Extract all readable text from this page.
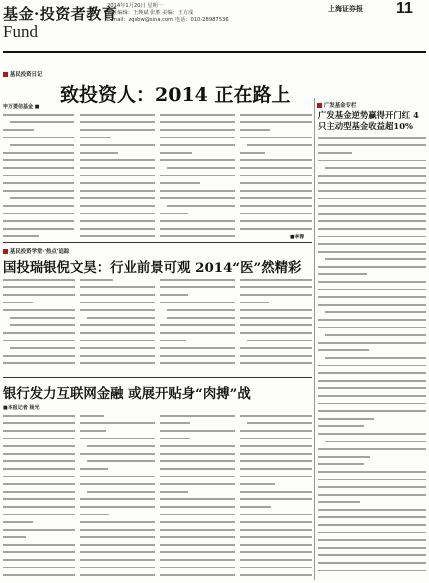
基金·投资者教育
Fund
2014年1月20日 星期一
责任编辑：王焕斌 张胜 美编：王方成
E-mail：zqsbw@sina.com 电话：010-28987536
上海证券报 11
基民投资日记
致投资人：2014 正在路上
申万菱信基金 ■
■李蓉
基民投资学堂·'热点'追踪
国投瑞银倪文昊：行业前景可观 2014“医”然精彩
银行发力互联网金融 或展开贴身“肉搏”战
■本报记者 杨光
广发基金专栏
广发基金逆势赢得开门红 4只主动型基金收益超10%
